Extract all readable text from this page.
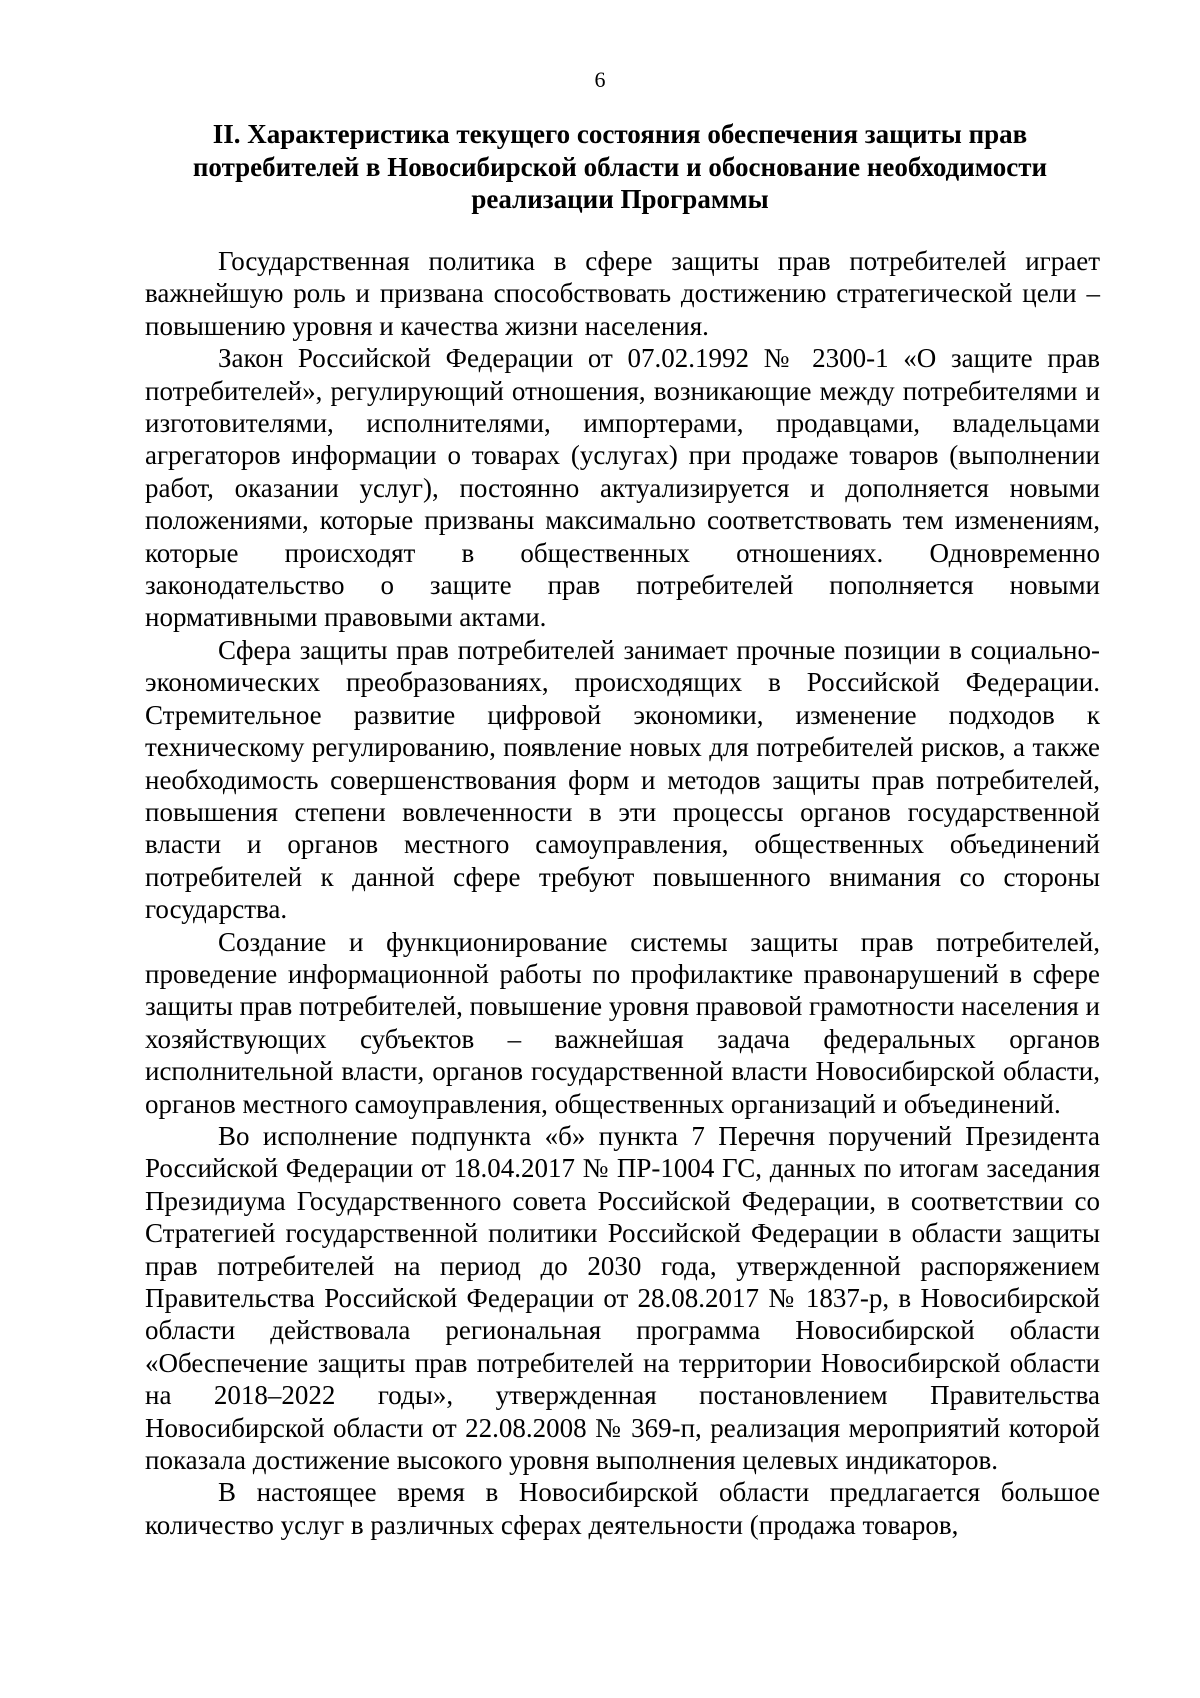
6
II. Характеристика текущего состояния обеспечения защиты прав
потребителей в Новосибирской области и обоснование необходимости
реализации Программы

Государственная политика в сфере защиты прав потребителей играет важнейшую роль и призвана способствовать достижению стратегической цели – повышению уровня и качества жизни населения.

Закон Российской Федерации от 07.02.1992 № 2300-1 «О защите прав потребителей», регулирующий отношения, возникающие между потребителями и изготовителями, исполнителями, импортерами, продавцами, владельцами агрегаторов информации о товарах (услугах) при продаже товаров (выполнении работ, оказании услуг), постоянно актуализируется и дополняется новыми положениями, которые призваны максимально соответствовать тем изменениям, которые происходят в общественных отношениях. Одновременно законодательство о защите прав потребителей пополняется новыми нормативными правовыми актами.

Сфера защиты прав потребителей занимает прочные позиции в социально-экономических преобразованиях, происходящих в Российской Федерации. Стремительное развитие цифровой экономики, изменение подходов к техническому регулированию, появление новых для потребителей рисков, а также необходимость совершенствования форм и методов защиты прав потребителей, повышения степени вовлеченности в эти процессы органов государственной власти и органов местного самоуправления, общественных объединений потребителей к данной сфере требуют повышенного внимания со стороны государства.

Создание и функционирование системы защиты прав потребителей, проведение информационной работы по профилактике правонарушений в сфере защиты прав потребителей, повышение уровня правовой грамотности населения и хозяйствующих субъектов – важнейшая задача федеральных органов исполнительной власти, органов государственной власти Новосибирской области, органов местного самоуправления, общественных организаций и объединений.

Во исполнение подпункта «б» пункта 7 Перечня поручений Президента Российской Федерации от 18.04.2017 № ПР-1004 ГС, данных по итогам заседания Президиума Государственного совета Российской Федерации, в соответствии со Стратегией государственной политики Российской Федерации в области защиты прав потребителей на период до 2030 года, утвержденной распоряжением Правительства Российской Федерации от 28.08.2017 № 1837-р, в Новосибирской области действовала региональная программа Новосибирской области «Обеспечение защиты прав потребителей на территории Новосибирской области на 2018–2022 годы», утвержденная постановлением Правительства Новосибирской области от 22.08.2008 № 369-п, реализация мероприятий которой показала достижение высокого уровня выполнения целевых индикаторов.

В настоящее время в Новосибирской области предлагается большое количество услуг в различных сферах деятельности (продажа товаров,
